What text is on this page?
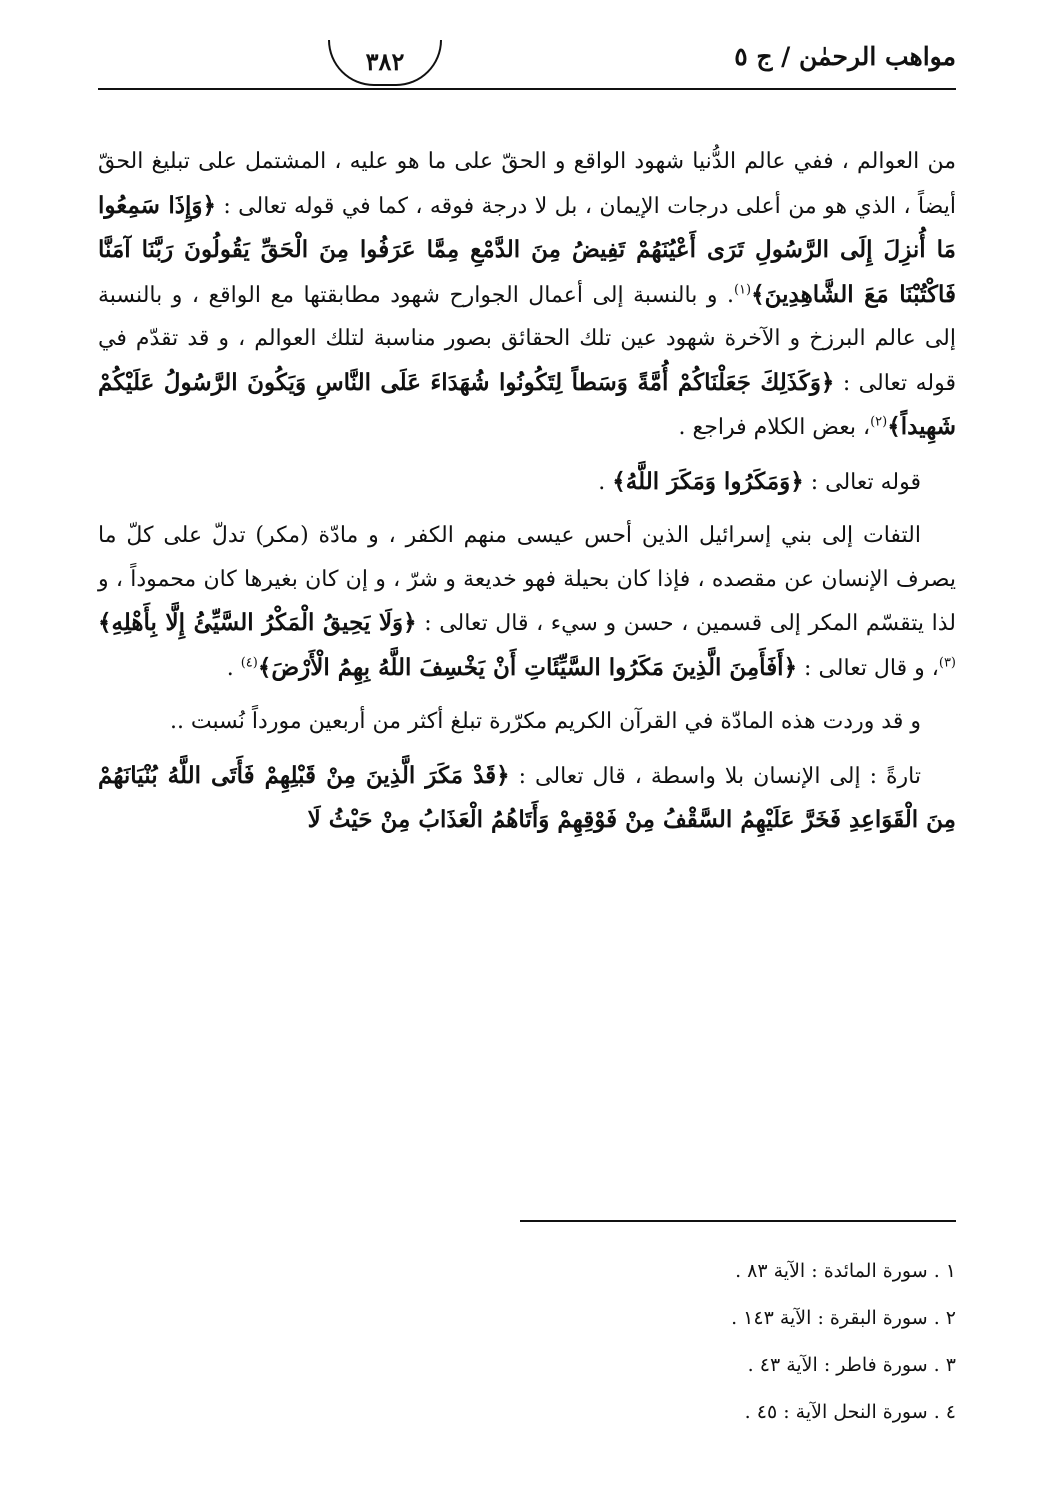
مواهب الرحمٰن / ج ٥
٣٨٢

من العوالم ، ففي عالم الدُّنيا شهود الواقع و الحقّ على ما هو عليه ، المشتمل على تبليغ الحقّ أيضاً ، الذي هو من أعلى درجات الإيمان ، بل لا درجة فوقه ، كما في قوله تعالى : ﴿وَإِذَا سَمِعُوا مَا أُنزِلَ إِلَى الرَّسُولِ تَرَى أَعْيُنَهُمْ تَفِيضُ مِنَ الدَّمْعِ مِمَّا عَرَفُوا مِنَ الْحَقِّ يَقُولُونَ رَبَّنَا آمَنَّا فَاكْتُبْنَا مَعَ الشَّاهِدِينَ﴾$^{(١)}$. و بالنسبة إلى أعمال الجوارح شهود مطابقتها مع الواقع ، و بالنسبة إلى عالم البرزخ و الآخرة شهود عين تلك الحقائق بصور مناسبة لتلك العوالم ، و قد تقدّم في قوله تعالى : ﴿وَكَذَلِكَ جَعَلْنَاكُمْ أُمَّةً وَسَطاً لِتَكُونُوا شُهَدَاءَ عَلَى النَّاسِ وَيَكُونَ الرَّسُولُ عَلَيْكُمْ شَهِيداً﴾$^{(٢)}$، بعض الكلام فراجع .

قوله تعالى : ﴿وَمَكَرُوا وَمَكَرَ اللَّهُ﴾ .

التفات إلى بني إسرائيل الذين أحس عيسى منهم الكفر ، و مادّة (مكر) تدلّ على كلّ ما يصرف الإنسان عن مقصده ، فإذا كان بحيلة فهو خديعة و شرّ ، و إن كان بغيرها كان محموداً ، و لذا يتقسّم المكر إلى قسمين ، حسن و سيء ، قال تعالى : ﴿وَلَا يَحِيقُ الْمَكْرُ السَّيِّئُ إِلَّا بِأَهْلِهِ﴾$^{(٣)}$، و قال تعالى : ﴿أَفَأَمِنَ الَّذِينَ مَكَرُوا السَّيِّئَاتِ أَنْ يَخْسِفَ اللَّهُ بِهِمُ الْأَرْضَ﴾$^{(٤)}$ .

و قد وردت هذه المادّة في القرآن الكريم مكرّرة تبلغ أكثر من أربعين مورداً نُسبت ..

تارةً : إلى الإنسان بلا واسطة ، قال تعالى : ﴿قَدْ مَكَرَ الَّذِينَ مِنْ قَبْلِهِمْ فَأَتَى اللَّهُ بُنْيَانَهُمْ مِنَ الْقَوَاعِدِ فَخَرَّ عَلَيْهِمُ السَّقْفُ مِنْ فَوْقِهِمْ وَأَتَاهُمُ الْعَذَابُ مِنْ حَيْثُ لَا

١ . سورة المائدة : الآية ٨٣ .
٢ . سورة البقرة : الآية ١٤٣ .
٣ . سورة فاطر : الآية ٤٣ .
٤ . سورة النحل الآية : ٤٥ .
